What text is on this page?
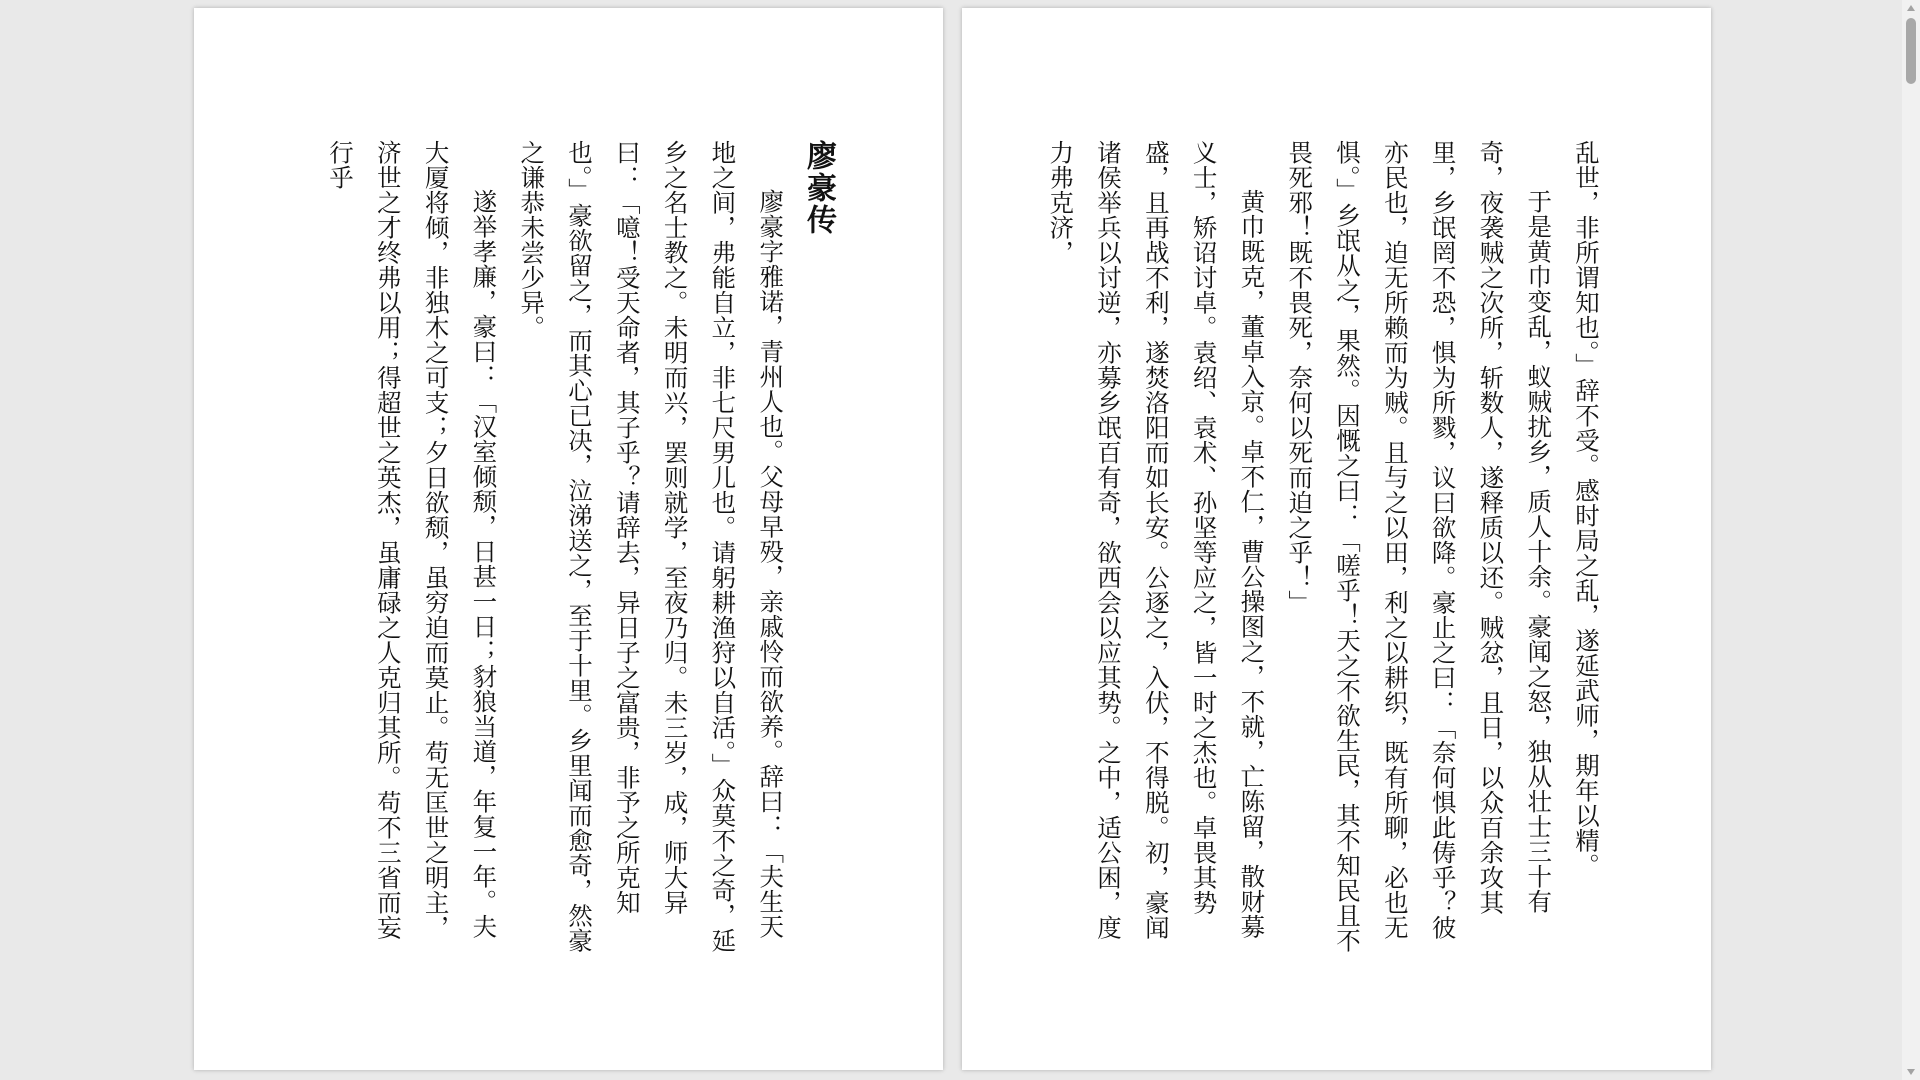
廖豪传
廖豪字雅诺，青州人也。父母早殁，亲戚怜而欲养。辞曰：「夫生天地之间，弗能自立，非七尺男儿也。请躬耕渔狩以自活。」众莫不之奇，延乡之名士教之。未明而兴，罢则就学，至夜乃归。未三岁，成，师大异曰：「噫！受天命者，其子乎？请辞去，异日子之富贵，非予之所克知也。」豪欲留之，而其心已决，泣涕送之，至于十里。乡里闻而愈奇，然豪之谦恭未尝少异。
遂举孝廉，豪曰：「汉室倾颓，日甚一日；豺狼当道，年复一年。夫大厦将倾，非独木之可支；夕日欲颓，虽穷迫而莫止。苟无匡世之明主，济世之才终弗以用；得超世之英杰，虽庸碌之人克归其所。苟不三省而妄行乎	乱世，非所谓知也。」辞不受。感时局之乱，遂延武师，期年以精。
于是黄巾变乱，蚁贼扰乡，质人十余。豪闻之怒，独从壮士三十有奇，夜袭贼之次所，斩数人，遂释质以还。贼忿，且日，以众百余攻其里，乡氓罔不恐，惧为所戮，议曰欲降。豪止之曰：「奈何惧此俦乎？彼亦民也，迫无所赖而为贼。且与之以田，利之以耕织，既有所聊，必也无惧。」乡氓从之，果然。因慨之曰：「嗟乎！天之不欲生民，其不知民且不畏死邪！既不畏死，奈何以死而迫之乎！」
黄巾既克，董卓入京。卓不仁，曹公操图之，不就，亡陈留，散财募义士，矫诏讨卓。袁绍、袁术、孙坚等应之，皆一时之杰也。卓畏其势盛，且再战不利，遂焚洛阳而如长安。公逐之，入伏，不得脱。初，豪闻诸侯举兵以讨逆，亦募乡氓百有奇，欲西会以应其势。之中，适公困，度力弗克济，
